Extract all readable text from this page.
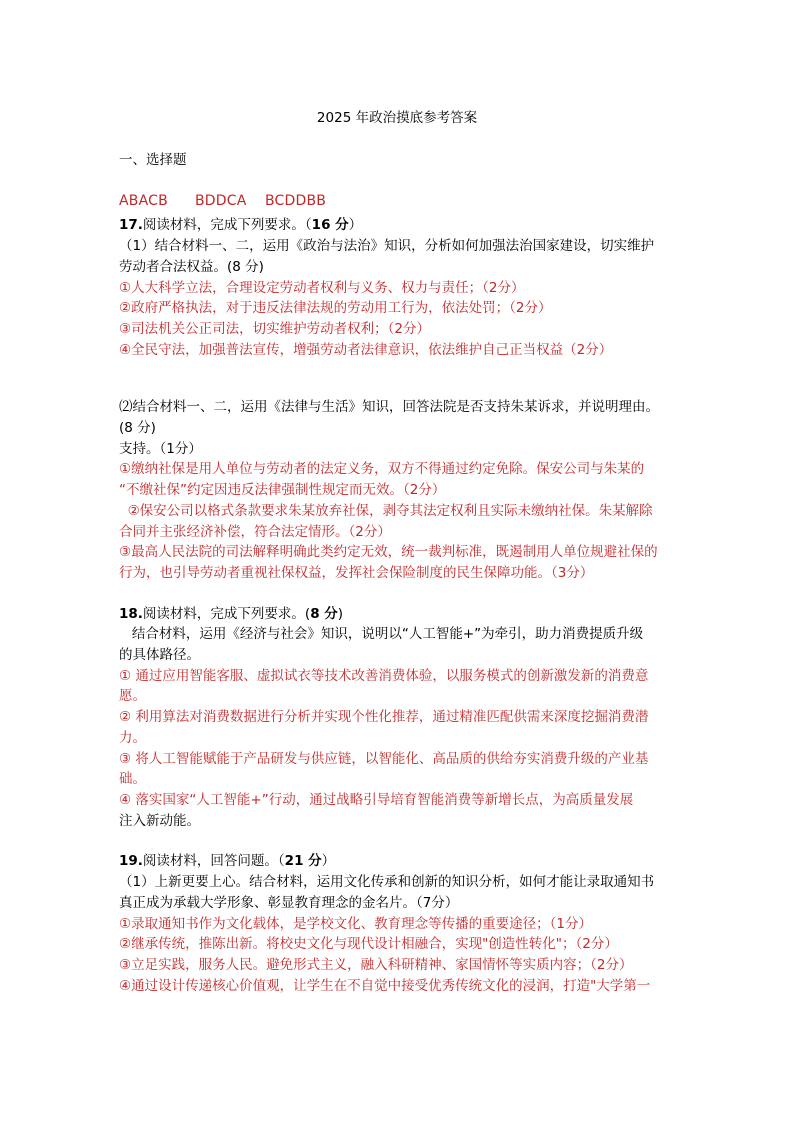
2025 年政治摸底参考答案
一、选择题
ABACB BDDCA BCDDBB
17.阅读材料，完成下列要求。（16 分）
（1）结合材料一、二，运用《政治与法治》知识，分析如何加强法治国家建设，切实维护
劳动者合法权益。(8 分)
①人大科学立法，合理设定劳动者权利与义务、权力与责任；（2分）
②政府严格执法，对于违反法律法规的劳动用工行为，依法处罚；（2分）
③司法机关公正司法，切实维护劳动者权利；（2分）
④全民守法，加强普法宣传，增强劳动者法律意识，依法维护自己正当权益（2分）
⑵结合材料一、二，运用《法律与生活》知识，回答法院是否支持朱某诉求，并说明理由。
(8 分)
支持。（1分）
①缴纳社保是用人单位与劳动者的法定义务，双方不得通过约定免除。保安公司与朱某的
“不缴社保”约定因违反法律强制性规定而无效。（2分）
②保安公司以格式条款要求朱某放弃社保，剥夺其法定权利且实际未缴纳社保。朱某解除
合同并主张经济补偿，符合法定情形。（2分）
③最高人民法院的司法解释明确此类约定无效，统一裁判标准，既遏制用人单位规避社保的
行为，也引导劳动者重视社保权益，发挥社会保险制度的民生保障功能。（3分）
18.阅读材料，完成下列要求。(8 分)
结合材料，运用《经济与社会》知识，说明以“人工智能+”为牵引，助力消费提质升级
的具体路径。
① 通过应用智能客服、虚拟试衣等技术改善消费体验，以服务模式的创新激发新的消费意
愿。
② 利用算法对消费数据进行分析并实现个性化推荐，通过精准匹配供需来深度挖掘消费潜
力。
③ 将人工智能赋能于产品研发与供应链，以智能化、高品质的供给夯实消费升级的产业基
础。
④ 落实国家“人工智能+”行动，通过战略引导培育智能消费等新增长点，为高质量发展
注入新动能。
19.阅读材料，回答问题。（21 分）
（1）上新更要上心。结合材料，运用文化传承和创新的知识分析，如何才能让录取通知书
真正成为承载大学形象、彰显教育理念的金名片。（7分）
①录取通知书作为文化载体，是学校文化、教育理念等传播的重要途径；（1分）
②继承传统，推陈出新。将校史文化与现代设计相融合，实现"创造性转化"；（2分）
③立足实践，服务人民。避免形式主义，融入科研精神、家国情怀等实质内容；（2分）
④通过设计传递核心价值观，让学生在不自觉中接受优秀传统文化的浸润，打造"大学第一
